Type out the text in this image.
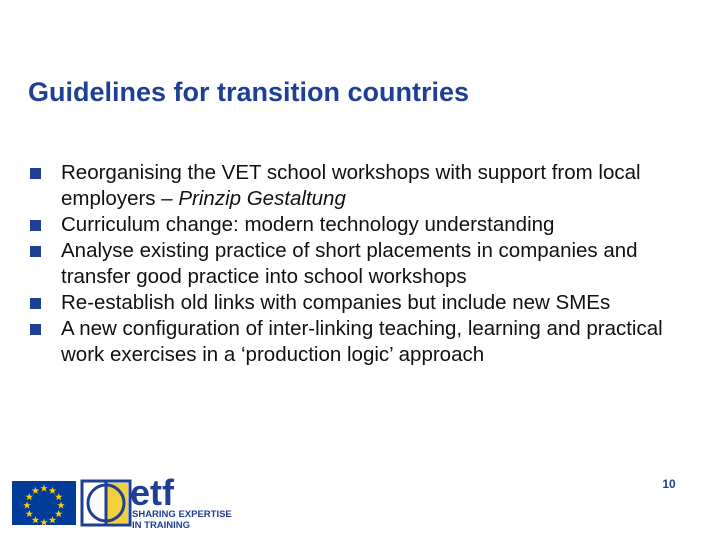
Guidelines for transition countries
Reorganising the VET school workshops with support from local employers – Prinzip Gestaltung
Curriculum change: modern technology understanding
Analyse existing practice of short placements in companies and transfer good practice into school workshops
Re-establish old links with companies but include new SMEs
A new configuration of inter-linking teaching, learning and practical work exercises in a ‘production logic’ approach
etf
SHARING EXPERTISE
IN TRAINING
10
